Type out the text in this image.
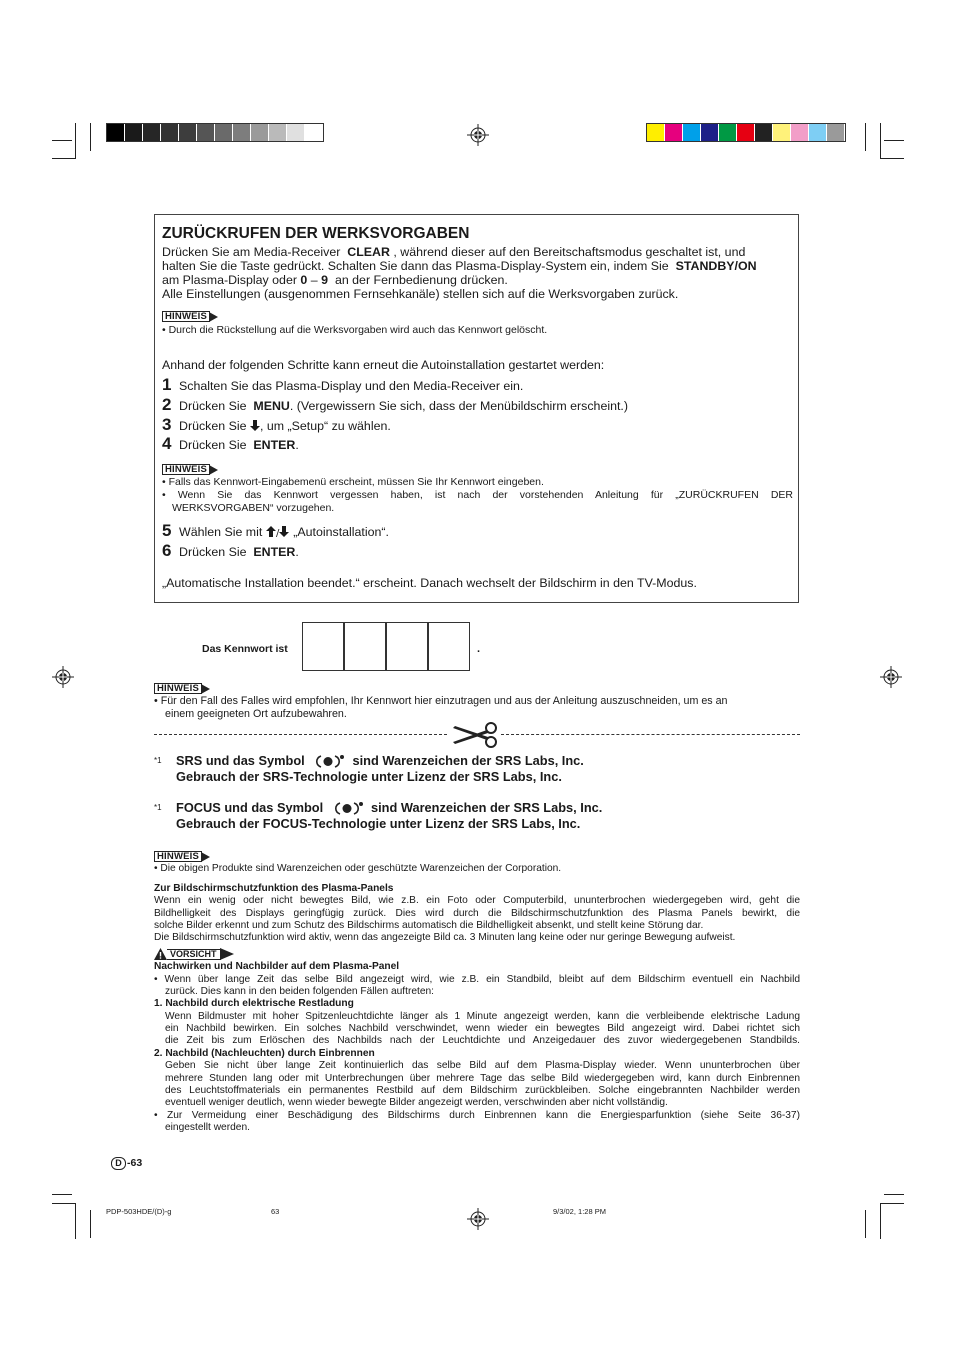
ZURÜCKRUFEN DER WERKSVORGABEN
Drücken Sie am Media-Receiver CLEAR , während dieser auf den Bereitschaftsmodus geschaltet ist, und
halten Sie die Taste gedrückt. Schalten Sie dann das Plasma-Display-System ein, indem Sie STANDBY/ON
am Plasma-Display oder 0 – 9 an der Fernbedienung drücken.
Alle Einstellungen (ausgenommen Fernsehkanäle) stellen sich auf die Werksvorgaben zurück.
HINWEIS
• Durch die Rückstellung auf die Werksvorgaben wird auch das Kennwort gelöscht.
Anhand der folgenden Schritte kann erneut die Autoinstallation gestartet werden:
1 Schalten Sie das Plasma-Display und den Media-Receiver ein.
2 Drücken Sie MENU. (Vergewissern Sie sich, dass der Menübildschirm erscheint.)
3 Drücken Sie , um „Setup“ zu wählen.
4 Drücken Sie ENTER.
HINWEIS
• Falls das Kennwort-Eingabemenü erscheint, müssen Sie Ihr Kennwort eingeben.
• Wenn Sie das Kennwort vergessen haben, ist nach der vorstehenden Anleitung für „ZURÜCKRUFEN DER
WERKSVORGABEN“ vorzugehen.
5 Wählen Sie mit / „Autoinstallation“.
6 Drücken Sie ENTER.
„Automatische Installation beendet.“ erscheint. Danach wechselt der Bildschirm in den TV-Modus.
Das Kennwort ist	.
HINWEIS
• Für den Fall des Falles wird empfohlen, Ihr Kennwort hier einzutragen und aus der Anleitung auszuschneiden, um es an
einem geeigneten Ort aufzubewahren.
*1 SRS und das Symbol	sind Warenzeichen der SRS Labs, Inc.
Gebrauch der SRS-Technologie unter Lizenz der SRS Labs, Inc.
*1 FOCUS und das Symbol	sind Warenzeichen der SRS Labs, Inc.
Gebrauch der FOCUS-Technologie unter Lizenz der SRS Labs, Inc.
HINWEIS
• Die obigen Produkte sind Warenzeichen oder geschützte Warenzeichen der Corporation.
Zur Bildschirmschutzfunktion des Plasma-Panels
Wenn ein wenig oder nicht bewegtes Bild, wie z.B. ein Foto oder Computerbild, ununterbrochen wiedergegeben wird, geht die
Bildhelligkeit des Displays geringfügig zurück. Dies wird durch die Bildschirmschutzfunktion des Plasma Panels bewirkt, die
solche Bilder erkennt und zum Schutz des Bildschirms automatisch die Bildhelligkeit absenkt, und stellt keine Störung dar.
Die Bildschirmschutzfunktion wird aktiv, wenn das angezeigte Bild ca. 3 Minuten lang keine oder nur geringe Bewegung aufweist.
VORSICHT
Nachwirken und Nachbilder auf dem Plasma-Panel
• Wenn über lange Zeit das selbe Bild angezeigt wird, wie z.B. ein Standbild, bleibt auf dem Bildschirm eventuell ein Nachbild
zurück. Dies kann in den beiden folgenden Fällen auftreten:
1. Nachbild durch elektrische Restladung
Wenn Bildmuster mit hoher Spitzenleuchtdichte länger als 1 Minute angezeigt werden, kann die verbleibende elektrische Ladung
ein Nachbild bewirken. Ein solches Nachbild verschwindet, wenn wieder ein bewegtes Bild angezeigt wird. Dabei richtet sich
die Zeit bis zum Erlöschen des Nachbilds nach der Leuchtdichte und Anzeigedauer des zuvor wiedergegebenen Standbilds.
2. Nachbild (Nachleuchten) durch Einbrennen
Geben Sie nicht über lange Zeit kontinuierlich das selbe Bild auf dem Plasma-Display wieder. Wenn ununterbrochen über
mehrere Stunden lang oder mit Unterbrechungen über mehrere Tage das selbe Bild wiedergegeben wird, kann durch Einbrennen
des Leuchtstoffmaterials ein permanentes Restbild auf dem Bildschirm zurückbleiben. Solche eingebrannten Nachbilder werden
eventuell weniger deutlich, wenn wieder bewegte Bilder angezeigt werden, verschwinden aber nicht vollständig.
• Zur Vermeidung einer Beschädigung des Bildschirms durch Einbrennen kann die Energiesparfunktion (siehe Seite 36-37)
eingestellt werden.
D -63
PDP-503HDE/(D)-g	63	9/3/02, 1:28 PM
